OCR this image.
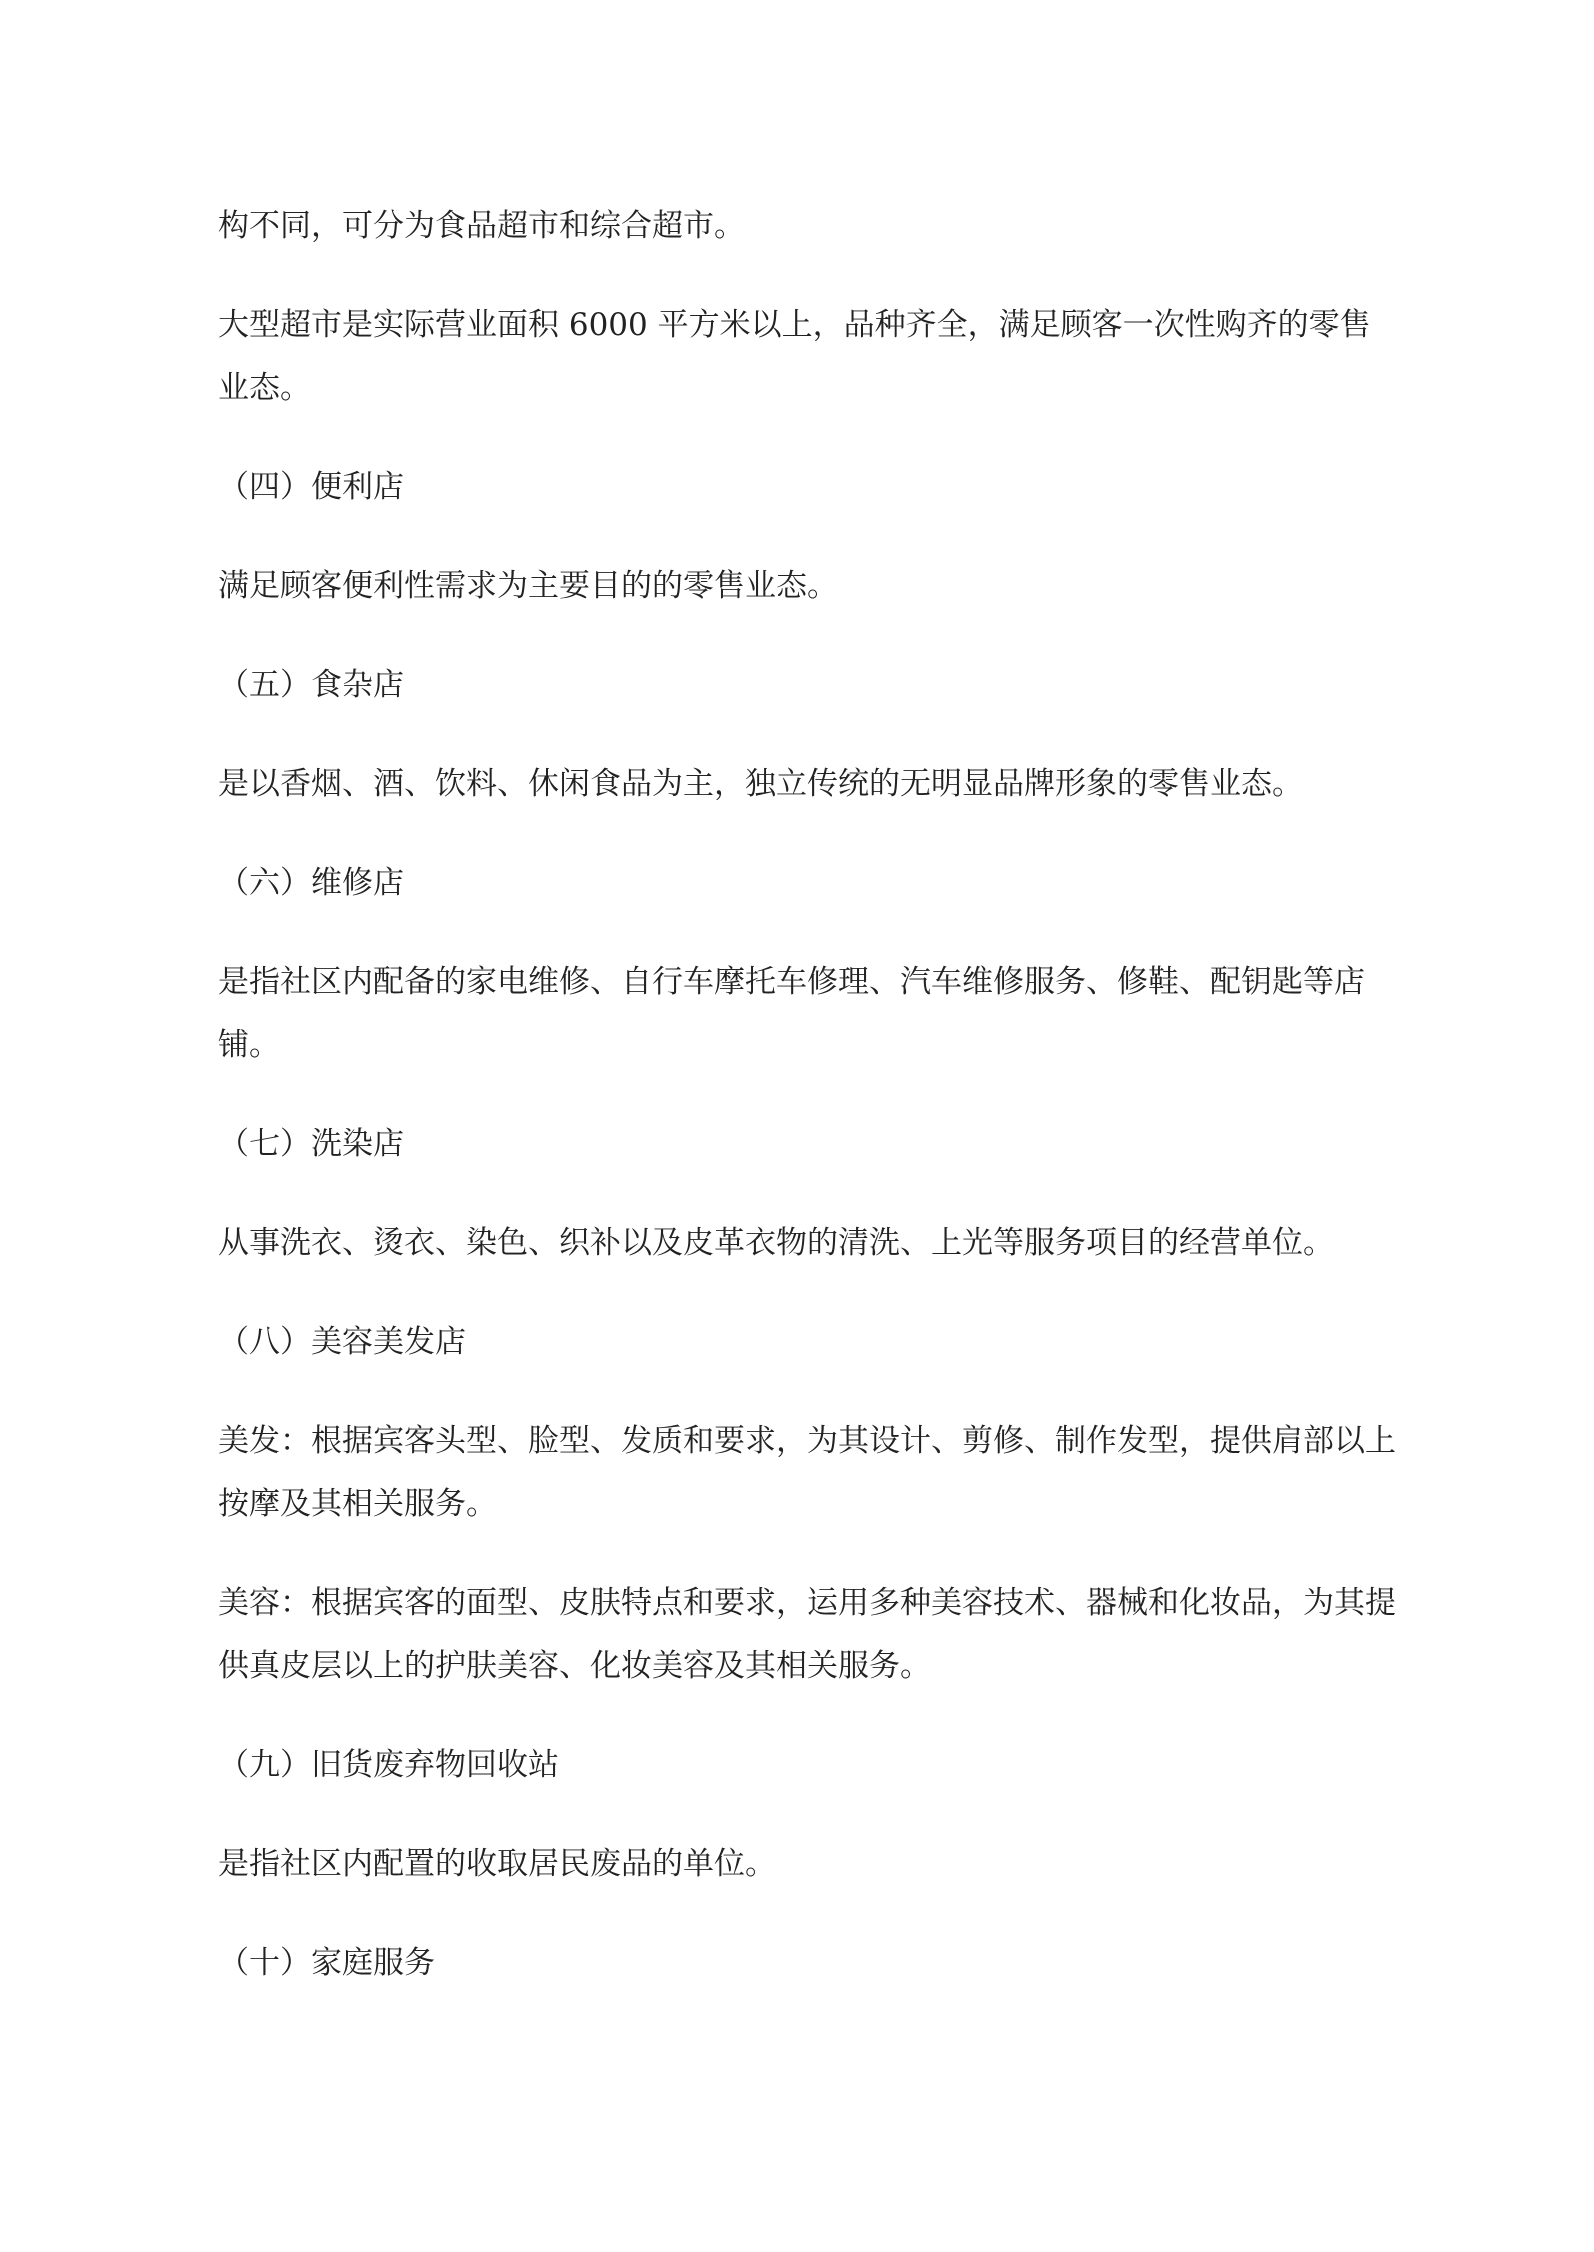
构不同，可分为食品超市和综合超市。

大型超市是实际营业面积 6000 平方米以上，品种齐全，满足顾客一次性购齐的零售业态。

（四）便利店

满足顾客便利性需求为主要目的的零售业态。

（五）食杂店

是以香烟、酒、饮料、休闲食品为主，独立传统的无明显品牌形象的零售业态。

（六）维修店

是指社区内配备的家电维修、自行车摩托车修理、汽车维修服务、修鞋、配钥匙等店铺。

（七）洗染店

从事洗衣、烫衣、染色、织补以及皮革衣物的清洗、上光等服务项目的经营单位。

（八）美容美发店

美发：根据宾客头型、脸型、发质和要求，为其设计、剪修、制作发型，提供肩部以上按摩及其相关服务。

美容：根据宾客的面型、皮肤特点和要求，运用多种美容技术、器械和化妆品，为其提供真皮层以上的护肤美容、化妆美容及其相关服务。

（九）旧货废弃物回收站

是指社区内配置的收取居民废品的单位。

（十）家庭服务
